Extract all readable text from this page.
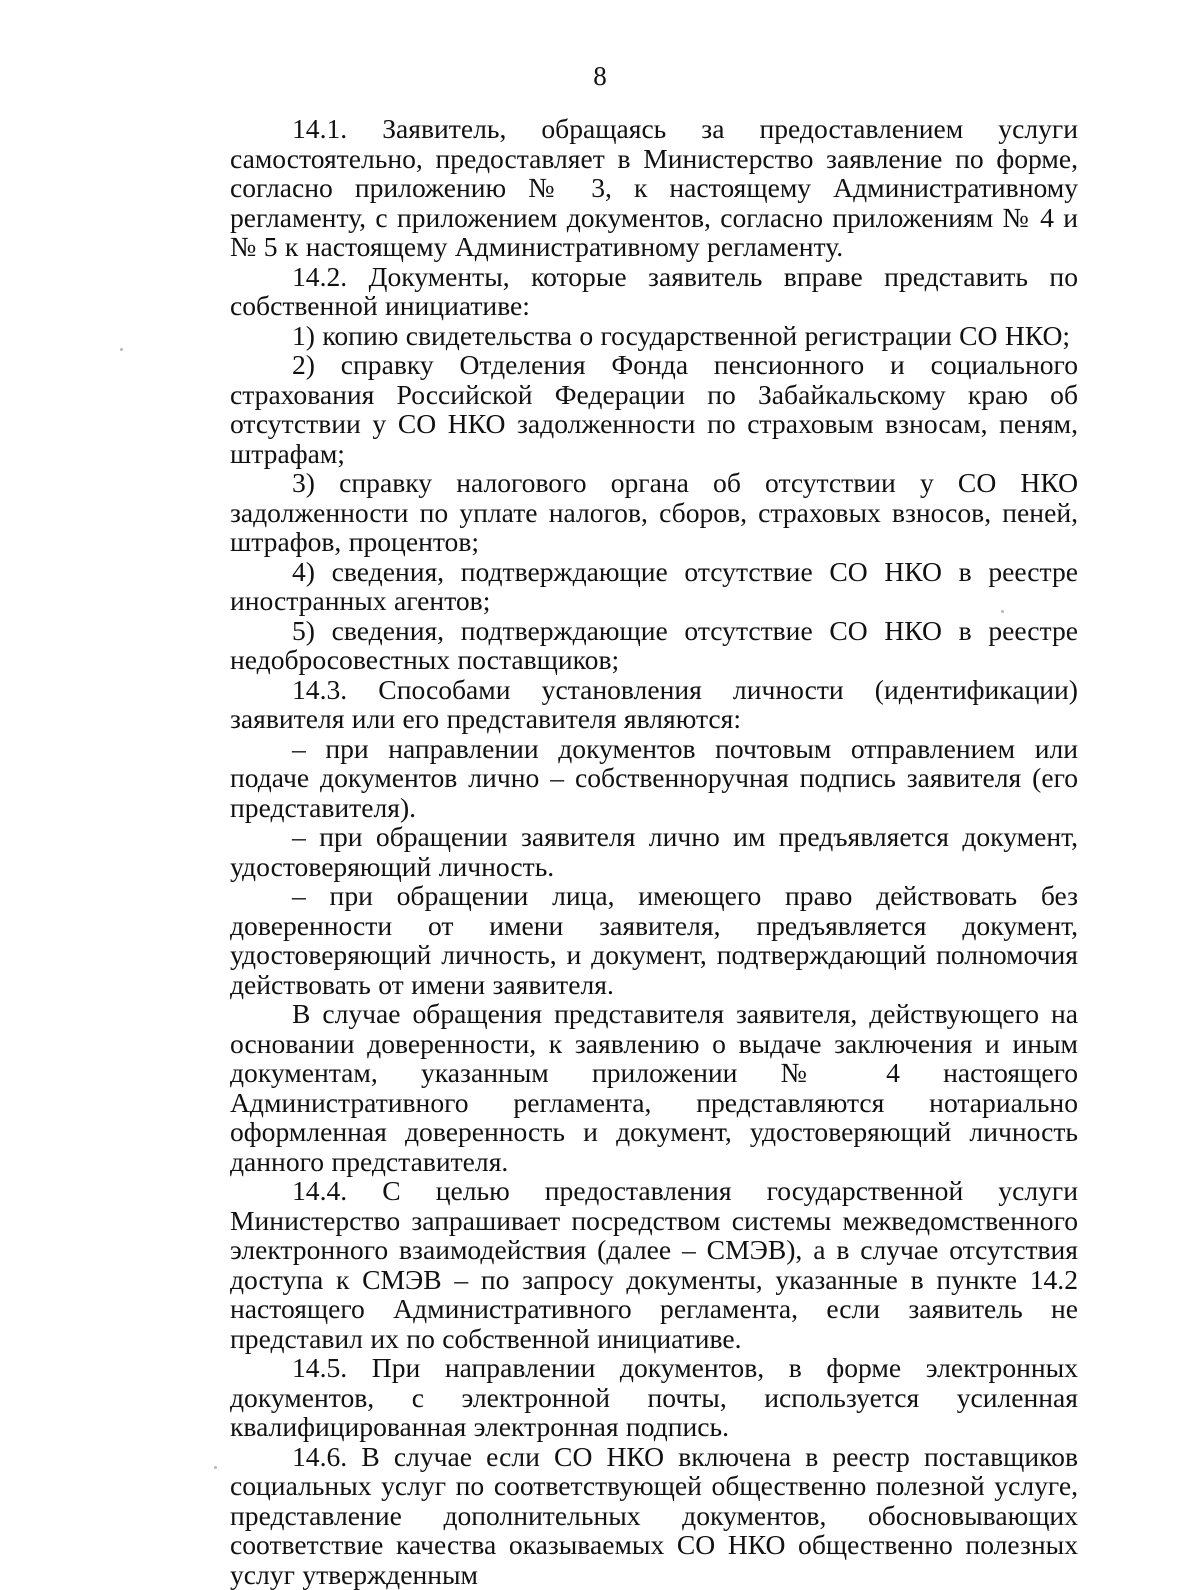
8

14.1. Заявитель, обращаясь за предоставлением услуги самостоятельно, предоставляет в Министерство заявление по форме, согласно приложению № 3, к настоящему Административному регламенту, с приложением документов, согласно приложениям № 4 и № 5 к настоящему Административному регламенту.

14.2. Документы, которые заявитель вправе представить по собственной инициативе:

1) копию свидетельства о государственной регистрации СО НКО;

2) справку Отделения Фонда пенсионного и социального страхования Российской Федерации по Забайкальскому краю об отсутствии у СО НКО задолженности по страховым взносам, пеням, штрафам;

3) справку налогового органа об отсутствии у СО НКО задолженности по уплате налогов, сборов, страховых взносов, пеней, штрафов, процентов;

4) сведения, подтверждающие отсутствие СО НКО в реестре иностранных агентов;

5) сведения, подтверждающие отсутствие СО НКО в реестре недобросовестных поставщиков;

14.3. Способами установления личности (идентификации) заявителя или его представителя являются:

– при направлении документов почтовым отправлением или подаче документов лично – собственноручная подпись заявителя (его представителя).

– при обращении заявителя лично им предъявляется документ, удостоверяющий личность.

– при обращении лица, имеющего право действовать без доверенности от имени заявителя, предъявляется документ, удостоверяющий личность, и документ, подтверждающий полномочия действовать от имени заявителя.

В случае обращения представителя заявителя, действующего на основании доверенности, к заявлению о выдаче заключения и иным документам, указанным приложении № 4 настоящего Административного регламента, представляются нотариально оформленная доверенность и документ, удостоверяющий личность данного представителя.

14.4. С целью предоставления государственной услуги Министерство запрашивает посредством системы межведомственного электронного взаимодействия (далее – СМЭВ), а в случае отсутствия доступа к СМЭВ – по запросу документы, указанные в пункте 14.2 настоящего Административного регламента, если заявитель не представил их по собственной инициативе.

14.5. При направлении документов, в форме электронных документов, с электронной почты, используется усиленная квалифицированная электронная подпись.

14.6. В случае если СО НКО включена в реестр поставщиков социальных услуг по соответствующей общественно полезной услуге, представление дополнительных документов, обосновывающих соответствие качества оказываемых СО НКО общественно полезных услуг утвержденным
